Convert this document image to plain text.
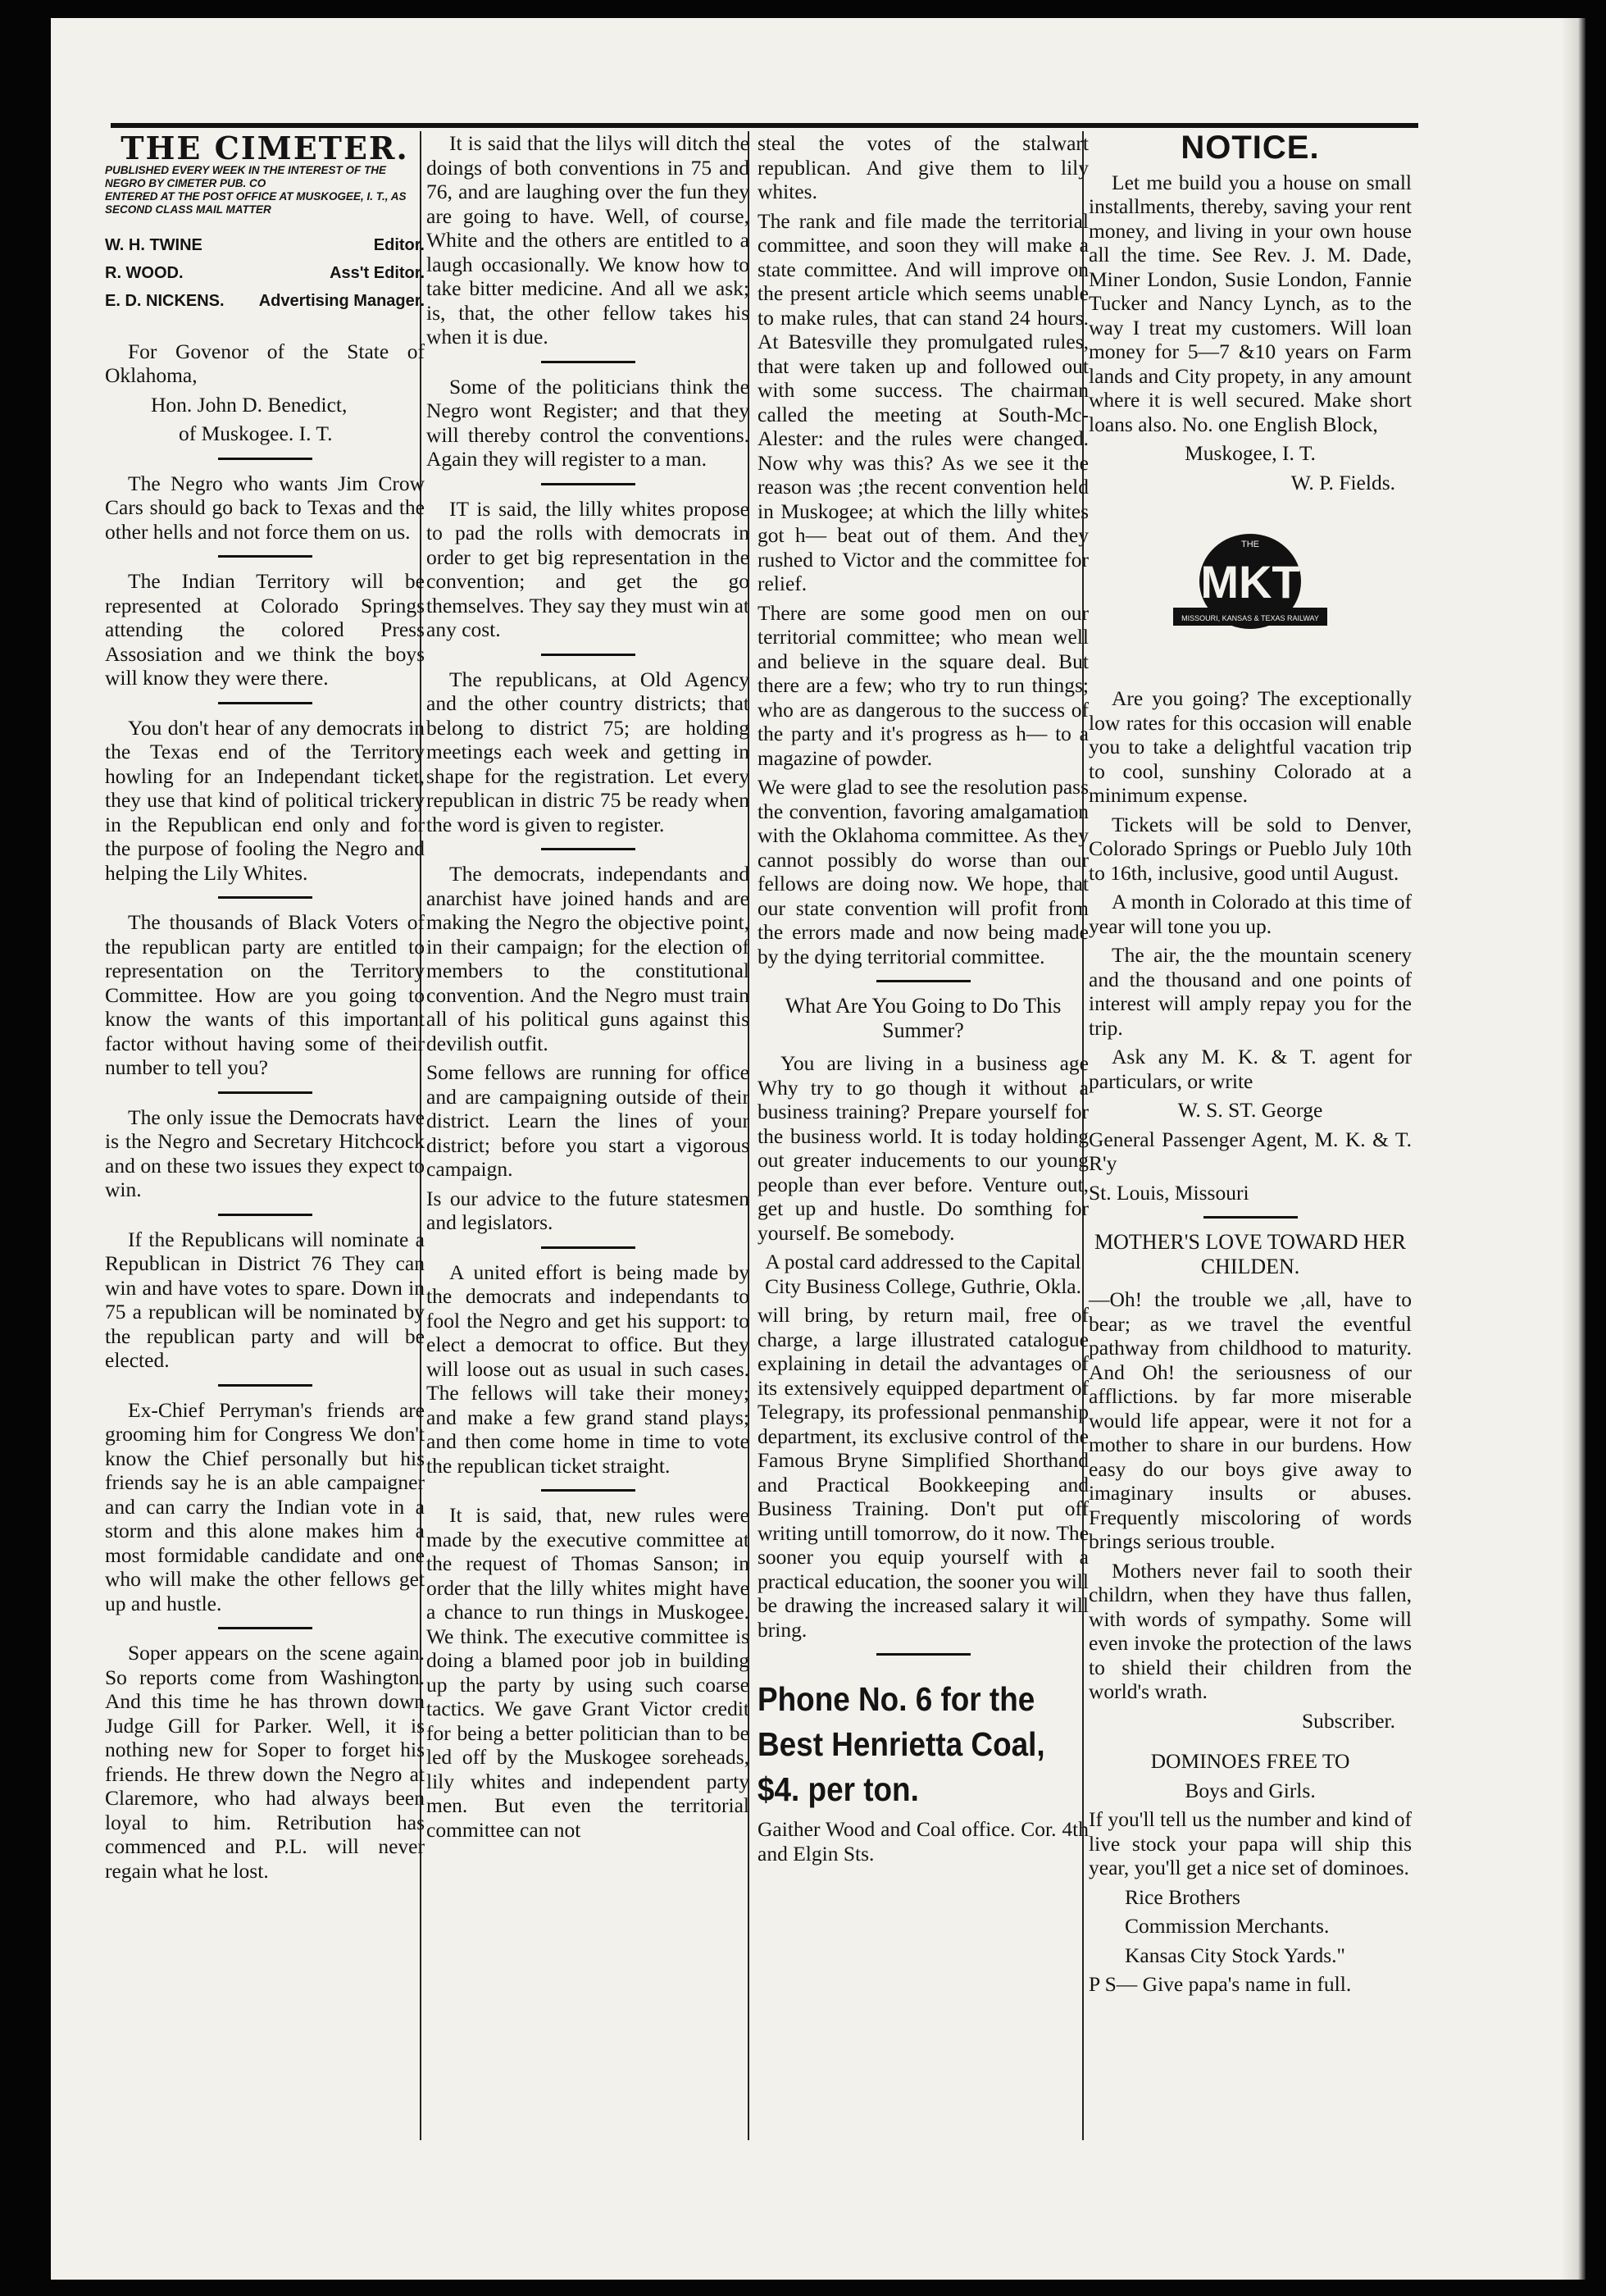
THE CIMETER.
PUBLISHED EVERY WEEK IN THE INTEREST OF THE NEGRO BY CIMETER PUB. CO
ENTERED AT THE POST OFFICE AT MUSKOGEE, I. T., AS SECOND CLASS MAIL MATTER
W. H. TWINE	Editor.
R. WOOD.	Ass't Editor.
E. D. NICKENS. Advertising Manager.

For Govenor of the State of Oklahoma,

Hon. John D. Benedict,

of Muskogee. I. T.

The Negro who wants Jim Crow Cars should go back to Texas and the other hells and not force them on us.

The Indian Territory will be represented at Colorado Springs attending the colored Press Assosiation and we think the boys will know they were there.

You don't hear of any democrats in the Texas end of the Territory howling for an Independant ticket, they use that kind of political trickery in the Republican end only and for the purpose of fooling the Negro and helping the Lily Whites.

The thousands of Black Voters of the republican party are entitled to representation on the Territory Committee. How are you going to know the wants of this important factor without having some of their number to tell you?

The only issue the Democrats have is the Negro and Secretary Hitchcock and on these two issues they expect to win.

If the Republicans will nominate a Republican in District 76 They can win and have votes to spare. Down in 75 a republican will be nominated by the republican party and will be elected.

Ex-Chief Perryman's friends are grooming him for Congress We don't know the Chief personally but his friends say he is an able campaigner and can carry the Indian vote in a storm and this alone makes him a most formidable candidate and one who will make the other fellows get up and hustle.

Soper appears on the scene again. So reports come from Washington. And this time he has thrown down Judge Gill for Parker. Well, it is nothing new for Soper to forget his friends. He threw down the Negro at Claremore, who had always been loyal to him. Retribution has commenced and P.L. will never regain what he lost.

It is said that the lilys will ditch the doings of both conventions in 75 and 76, and are laughing over the fun they are going to have. Well, of course, White and the others are entitled to a laugh occasionally. We know how to take bitter medicine. And all we ask; is, that, the other fellow takes his when it is due.

Some of the politicians think the Negro wont Register; and that they will thereby control the conventions. Again they will register to a man.

IT is said, the lilly whites propose to pad the rolls with democrats in order to get big representation in the convention; and get the go themselves. They say they must win at any cost.

The republicans, at Old Agency and the other country districts; that belong to district 75; are holding meetings each week and getting in shape for the registration. Let every republican in distric 75 be ready when the word is given to register.

The democrats, independants and anarchist have joined hands and are making the Negro the objective point, in their campaign; for the election of members to the constitutional convention. And the Negro must train all of his political guns against this devilish outfit.

Some fellows are running for office and are campaigning outside of their district. Learn the lines of your district; before you start a vigorous campaign.

Is our advice to the future statesmen and legislators.

A united effort is being made by the democrats and independants to fool the Negro and get his support: to elect a democrat to office. But they will loose out as usual in such cases. The fellows will take their money; and make a few grand stand plays; and then come home in time to vote the republican ticket straight.

It is said, that, new rules were made by the executive committee at the request of Thomas Sanson; in order that the lilly whites might have a chance to run things in Muskogee. We think. The executive committee is doing a blamed poor job in building up the party by using such coarse tactics. We gave Grant Victor credit for being a better politician than to be led off by the Muskogee soreheads, lily whites and independent party men. But even the territorial committee can not

steal the votes of the stalwart republican. And give them to lily whites.

The rank and file made the territorial committee, and soon they will make a state committee. And will improve on the present article which seems unable to make rules, that can stand 24 hours. At Batesville they promulgated rules, that were taken up and followed out with some success. The chairman called the meeting at South-Mc-Alester: and the rules were changed. Now why was this? As we see it the reason was ;the recent convention held in Muskogee; at which the lilly whites got h— beat out of them. And they rushed to Victor and the committee for relief.

There are some good men on our territorial committee; who mean well and believe in the square deal. But there are a few; who try to run things; who are as dangerous to the success of the party and it's progress as h— to a magazine of powder.

We were glad to see the resolution pass the convention, favoring amalgamation with the Oklahoma committee. As they cannot possibly do worse than our fellows are doing now. We hope, that our state convention will profit from the errors made and now being made by the dying territorial committee.

What Are You Going to Do This Summer?

You are living in a business age Why try to go though it without a business training? Prepare yourself for the business world. It is today holding out greater inducements to our young people than ever before. Venture out, get up and hustle. Do somthing for yourself. Be somebody.

A postal card addressed to the Capital City Business College, Guthrie, Okla.

will bring, by return mail, free of charge, a large illustrated catalogue explaining in detail the advantages of its extensively equipped department of Telegrapy, its professional penmanship department, its exclusive control of the Famous Bryne Simplified Shorthand and Practical Bookkeeping and Business Training. Don't put off writing untill tomorrow, do it now. The sooner you equip yourself with a practical education, the sooner you will be drawing the increased salary it will bring.

Phone No. 6 for the Best Henrietta Coal, $4. per ton.

Gaither Wood and Coal office. Cor. 4th and Elgin Sts.

NOTICE.

Let me build you a house on small installments, thereby, saving your rent money, and living in your own house all the time. See Rev. J. M. Dade, Miner London, Susie London, Fannie Tucker and Nancy Lynch, as to the way I treat my customers. Will loan money for 5—7 &10 years on Farm lands and City propety, in any amount where it is well secured. Make short loans also. No. one English Block,

Muskogee, I. T.

W. P. Fields.

THE
MKT
MISSOURI, KANSAS & TEXAS RAILWAY

Are you going? The exceptionally low rates for this occasion will enable you to take a delightful vacation trip to cool, sunshiny Colorado at a minimum expense.

Tickets will be sold to Denver, Colorado Springs or Pueblo July 10th to 16th, inclusive, good until August.

A month in Colorado at this time of year will tone you up.

The air, the the mountain scenery and the thousand and one points of interest will amply repay you for the trip.

Ask any M. K. & T. agent for particulars, or write

W. S. ST. George

General Passenger Agent, M. K. & T. R'y

St. Louis, Missouri

MOTHER'S LOVE TOWARD HER CHILDEN.

—Oh! the trouble we ,all, have to bear; as we travel the eventful pathway from childhood to maturity. And Oh! the seriousness of our afflictions. by far more miserable would life appear, were it not for a mother to share in our burdens. How easy do our boys give away to imaginary insults or abuses. Frequently miscoloring of words brings serious trouble.

Mothers never fail to sooth their childrn, when they have thus fallen, with words of sympathy. Some will even invoke the protection of the laws to shield their children from the world's wrath.

Subscriber.

DOMINOES FREE TO

Boys and Girls.

If you'll tell us the number and kind of live stock your papa will ship this year, you'll get a nice set of dominoes.

Rice Brothers

Commission Merchants.

Kansas City Stock Yards."

P S— Give papa's name in full.
